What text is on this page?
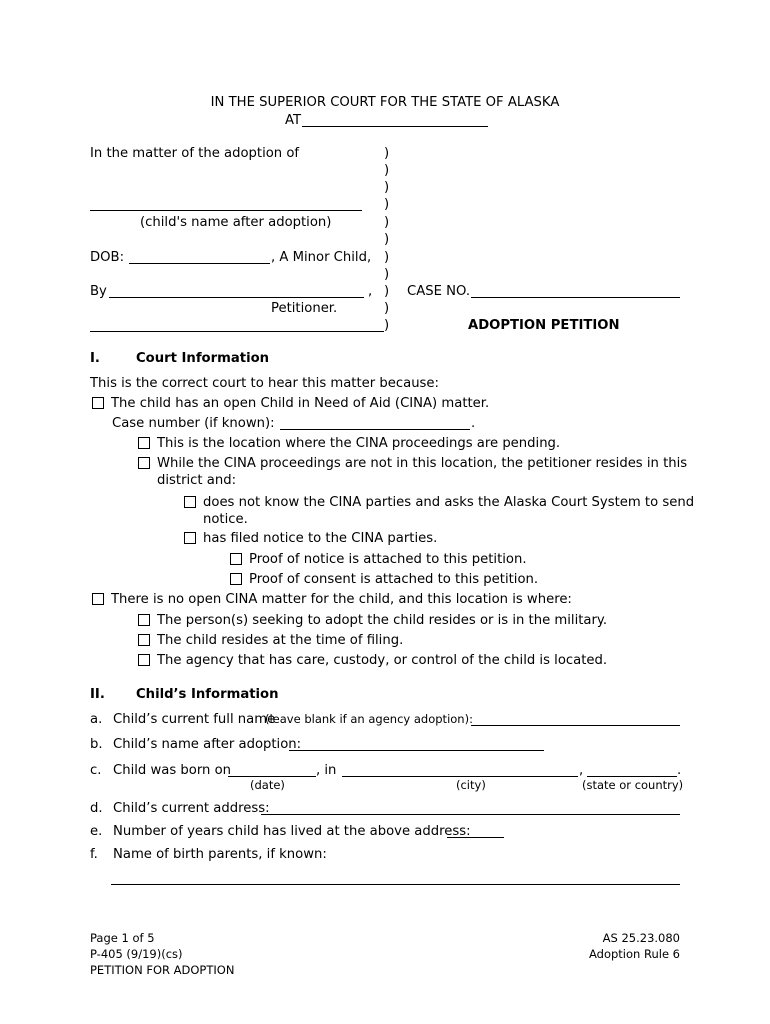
IN THE SUPERIOR COURT FOR THE STATE OF ALASKA
AT
In the matter of the adoption of
(child's name after adoption)
DOB:	, A Minor Child,
By	,
Petitioner.
)
)
)
)
)
)
)
)
)
)
)
CASE NO.
ADOPTION PETITION
I.	Court Information
This is the correct court to hear this matter because:
The child has an open Child in Need of Aid (CINA) matter.
Case number (if known):	.
This is the location where the CINA proceedings are pending.
While the CINA proceedings are not in this location, the petitioner resides in this
district and:
does not know the CINA parties and asks the Alaska Court System to send
notice.
has filed notice to the CINA parties.
Proof of notice is attached to this petition.
Proof of consent is attached to this petition.
There is no open CINA matter for the child, and this location is where:
The person(s) seeking to adopt the child resides or is in the military.
The child resides at the time of filing.
The agency that has care, custody, or control of the child is located.
II. Child’s Information
a. Child’s current full name
(leave blank if an agency adoption):
b. Child’s name after adoption:
c. Child was born on	, in	,	.
(date)	(city)	(state or country)
d. Child’s current address:
e. Number of years child has lived at the above address:
f. Name of birth parents, if known:
Page 1 of 5
P-405 (9/19)(cs)
PETITION FOR ADOPTION
AS 25.23.080
Adoption Rule 6
